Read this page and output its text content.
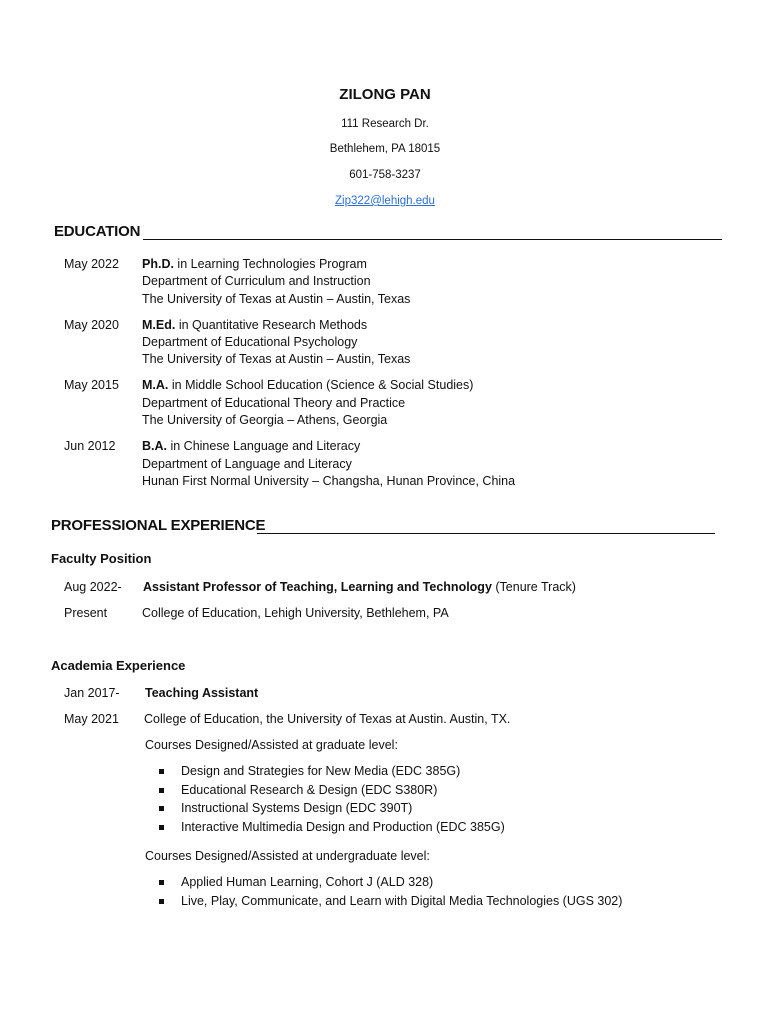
ZILONG PAN
111 Research Dr.
Bethlehem, PA 18015
601-758-3237
Zip322@lehigh.edu
EDUCATION
May 2022 Ph.D. in Learning Technologies Program
Department of Curriculum and Instruction
The University of Texas at Austin – Austin, Texas
May 2020 M.Ed. in Quantitative Research Methods
Department of Educational Psychology
The University of Texas at Austin – Austin, Texas
May 2015 M.A. in Middle School Education (Science & Social Studies)
Department of Educational Theory and Practice
The University of Georgia – Athens, Georgia
Jun 2012 B.A. in Chinese Language and Literacy
Department of Language and Literacy
Hunan First Normal University – Changsha, Hunan Province, China
PROFESSIONAL EXPERIENCE
Faculty Position
Aug 2022- Assistant Professor of Teaching, Learning and Technology (Tenure Track)
Present	College of Education, Lehigh University, Bethlehem, PA
Academia Experience
Jan 2017- Teaching Assistant
May 2021 College of Education, the University of Texas at Austin. Austin, TX.
Courses Designed/Assisted at graduate level:
Design and Strategies for New Media (EDC 385G)
Educational Research & Design (EDC S380R)
Instructional Systems Design (EDC 390T)
Interactive Multimedia Design and Production (EDC 385G)
Courses Designed/Assisted at undergraduate level:
Applied Human Learning, Cohort J (ALD 328)
Live, Play, Communicate, and Learn with Digital Media Technologies (UGS 302)
